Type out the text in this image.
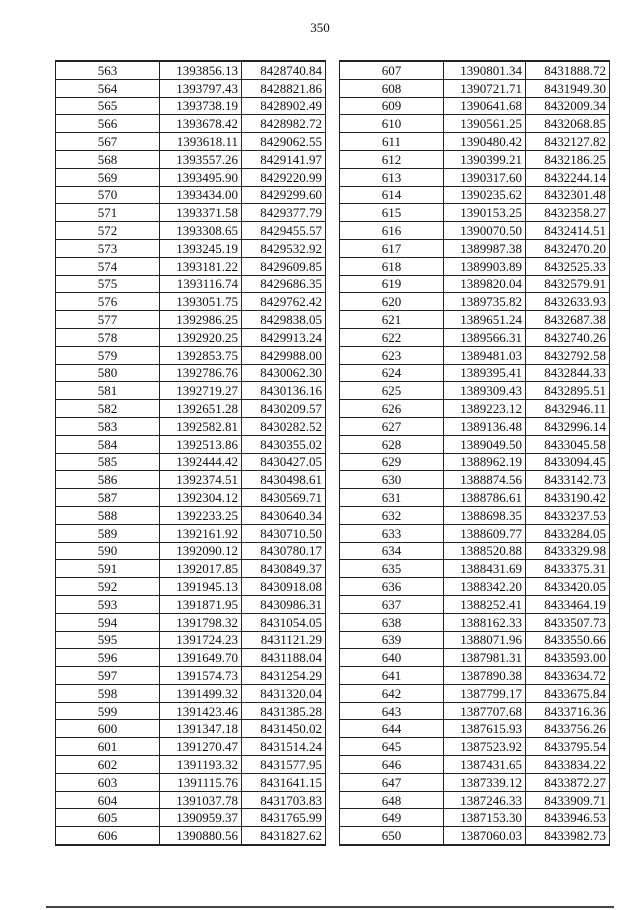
350
563	1393856.13	8428740.84
564	1393797.43	8428821.86
565	1393738.19	8428902.49
566	1393678.42	8428982.72
567	1393618.11	8429062.55
568	1393557.26	8429141.97
569	1393495.90	8429220.99
570	1393434.00	8429299.60
571	1393371.58	8429377.79
572	1393308.65	8429455.57
573	1393245.19	8429532.92
574	1393181.22	8429609.85
575	1393116.74	8429686.35
576	1393051.75	8429762.42
577	1392986.25	8429838.05
578	1392920.25	8429913.24
579	1392853.75	8429988.00
580	1392786.76	8430062.30
581	1392719.27	8430136.16
582	1392651.28	8430209.57
583	1392582.81	8430282.52
584	1392513.86	8430355.02
585	1392444.42	8430427.05
586	1392374.51	8430498.61
587	1392304.12	8430569.71
588	1392233.25	8430640.34
589	1392161.92	8430710.50
590	1392090.12	8430780.17
591	1392017.85	8430849.37
592	1391945.13	8430918.08
593	1391871.95	8430986.31
594	1391798.32	8431054.05
595	1391724.23	8431121.29
596	1391649.70	8431188.04
597	1391574.73	8431254.29
598	1391499.32	8431320.04
599	1391423.46	8431385.28
600	1391347.18	8431450.02
601	1391270.47	8431514.24
602	1391193.32	8431577.95
603	1391115.76	8431641.15
604	1391037.78	8431703.83
605	1390959.37	8431765.99
606	1390880.56	8431827.62
607	1390801.34	8431888.72
608	1390721.71	8431949.30
609	1390641.68	8432009.34
610	1390561.25	8432068.85
611	1390480.42	8432127.82
612	1390399.21	8432186.25
613	1390317.60	8432244.14
614	1390235.62	8432301.48
615	1390153.25	8432358.27
616	1390070.50	8432414.51
617	1389987.38	8432470.20
618	1389903.89	8432525.33
619	1389820.04	8432579.91
620	1389735.82	8432633.93
621	1389651.24	8432687.38
622	1389566.31	8432740.26
623	1389481.03	8432792.58
624	1389395.41	8432844.33
625	1389309.43	8432895.51
626	1389223.12	8432946.11
627	1389136.48	8432996.14
628	1389049.50	8433045.58
629	1388962.19	8433094.45
630	1388874.56	8433142.73
631	1388786.61	8433190.42
632	1388698.35	8433237.53
633	1388609.77	8433284.05
634	1388520.88	8433329.98
635	1388431.69	8433375.31
636	1388342.20	8433420.05
637	1388252.41	8433464.19
638	1388162.33	8433507.73
639	1388071.96	8433550.66
640	1387981.31	8433593.00
641	1387890.38	8433634.72
642	1387799.17	8433675.84
643	1387707.68	8433716.36
644	1387615.93	8433756.26
645	1387523.92	8433795.54
646	1387431.65	8433834.22
647	1387339.12	8433872.27
648	1387246.33	8433909.71
649	1387153.30	8433946.53
650	1387060.03	8433982.73
